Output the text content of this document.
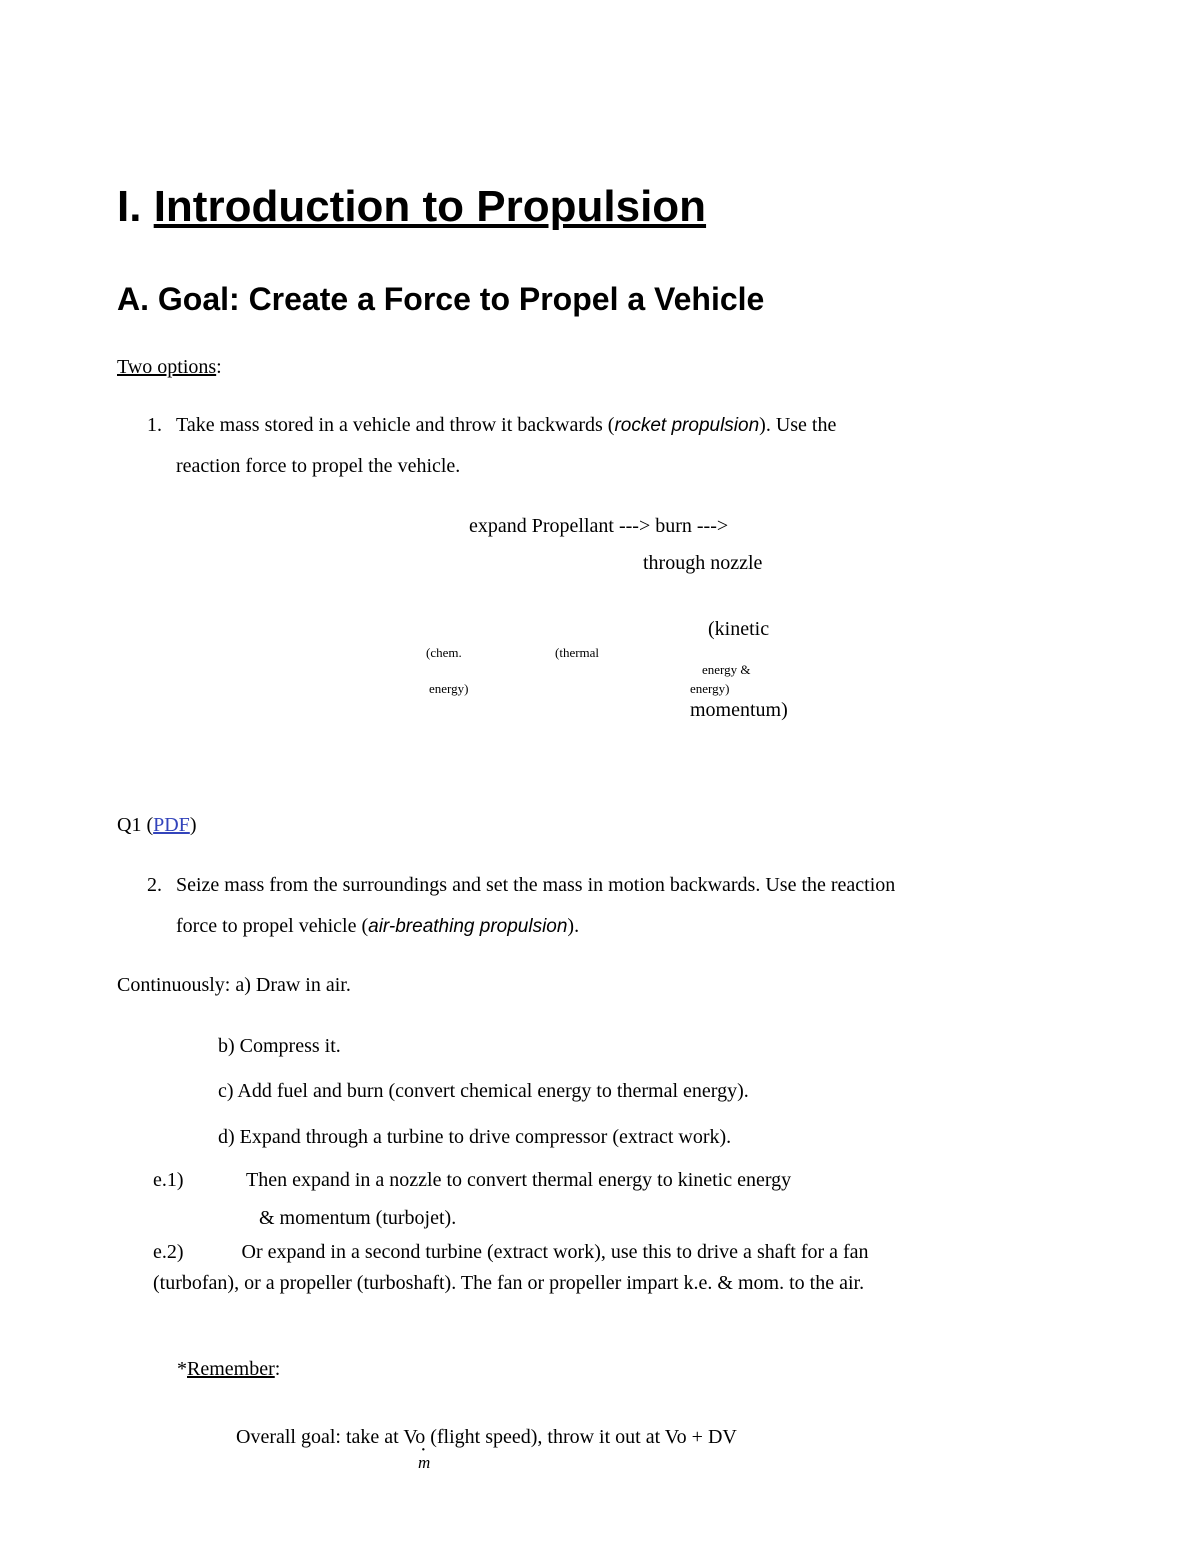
I. Introduction to Propulsion
A. Goal: Create a Force to Propel a Vehicle
Two options:
1. Take mass stored in a vehicle and throw it backwards (rocket propulsion). Use the
reaction force to propel the vehicle.
expand Propellant ---> burn --->
through nozzle
(kinetic
(chem.	(thermal
energy &
energy)	energy)
momentum)
Q1 (PDF)
2. Seize mass from the surroundings and set the mass in motion backwards. Use the reaction
force to propel vehicle (air-breathing propulsion).
Continuously: a) Draw in air.
b) Compress it.
c) Add fuel and burn (convert chemical energy to thermal energy).
d) Expand through a turbine to drive compressor (extract work).
e.1)	Then expand in a nozzle to convert thermal energy to kinetic energy
& momentum (turbojet).
e.2)	Or expand in a second turbine (extract work), use this to drive a shaft for a fan
(turbofan), or a propeller (turboshaft). The fan or propeller impart k.e. & mom. to the air.
*Remember:
Overall goal: take at Vo (flight speed), throw it out at Vo + DV
· m
